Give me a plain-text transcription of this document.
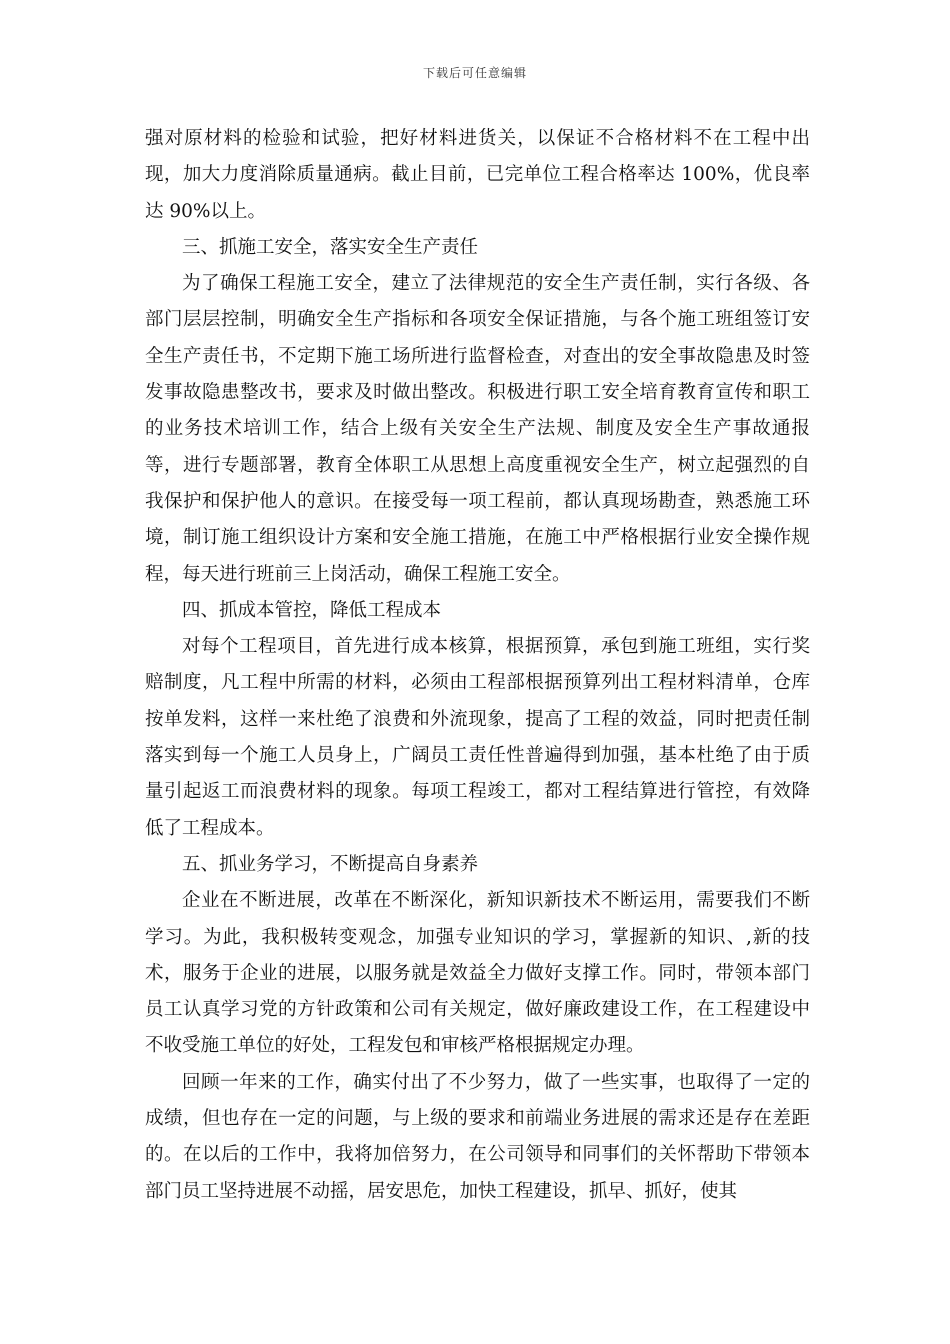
下载后可任意编辑

强对原材料的检验和试验，把好材料进货关，以保证不合格材料不在工程中出现，加大力度消除质量通病。截止目前，已完单位工程合格率达 100%，优良率达 90%以上。

三、抓施工安全，落实安全生产责任

为了确保工程施工安全，建立了法律规范的安全生产责任制，实行各级、各部门层层控制，明确安全生产指标和各项安全保证措施，与各个施工班组签订安全生产责任书，不定期下施工场所进行监督检查，对查出的安全事故隐患及时签发事故隐患整改书，要求及时做出整改。积极进行职工安全培育教育宣传和职工的业务技术培训工作，结合上级有关安全生产法规、制度及安全生产事故通报等，进行专题部署，教育全体职工从思想上高度重视安全生产，树立起强烈的自我保护和保护他人的意识。在接受每一项工程前，都认真现场勘查，熟悉施工环境，制订施工组织设计方案和安全施工措施，在施工中严格根据行业安全操作规程，每天进行班前三上岗活动，确保工程施工安全。

四、抓成本管控，降低工程成本

对每个工程项目，首先进行成本核算，根据预算，承包到施工班组，实行奖赔制度，凡工程中所需的材料，必须由工程部根据预算列出工程材料清单，仓库按单发料，这样一来杜绝了浪费和外流现象，提高了工程的效益，同时把责任制落实到每一个施工人员身上，广阔员工责任性普遍得到加强，基本杜绝了由于质量引起返工而浪费材料的现象。每项工程竣工，都对工程结算进行管控，有效降低了工程成本。

五、抓业务学习，不断提高自身素养

企业在不断进展，改革在不断深化，新知识新技术不断运用，需要我们不断学习。为此，我积极转变观念，加强专业知识的学习，掌握新的知识、,新的技术，服务于企业的进展，以服务就是效益全力做好支撑工作。同时，带领本部门员工认真学习党的方针政策和公司有关规定，做好廉政建设工作，在工程建设中不收受施工单位的好处，工程发包和审核严格根据规定办理。

回顾一年来的工作，确实付出了不少努力，做了一些实事，也取得了一定的成绩，但也存在一定的问题，与上级的要求和前端业务进展的需求还是存在差距的。在以后的工作中，我将加倍努力，在公司领导和同事们的关怀帮助下带领本部门员工坚持进展不动摇，居安思危，加快工程建设，抓早、抓好，使其
